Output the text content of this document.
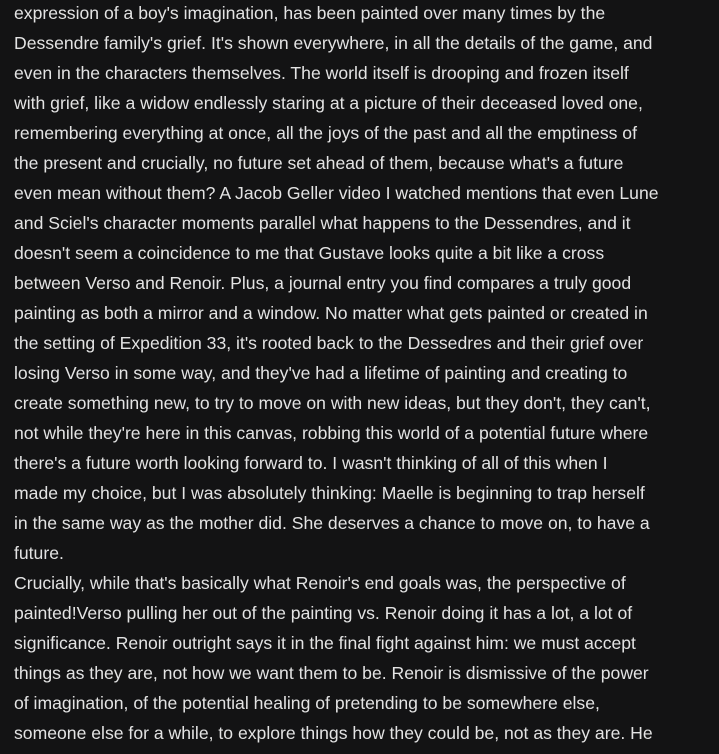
expression of a boy's imagination, has been painted over many times by the
Dessendre family's grief. It's shown everywhere, in all the details of the game, and
even in the characters themselves. The world itself is drooping and frozen itself
with grief, like a widow endlessly staring at a picture of their deceased loved one,
remembering everything at once, all the joys of the past and all the emptiness of
the present and crucially, no future set ahead of them, because what's a future
even mean without them? A Jacob Geller video I watched mentions that even Lune
and Sciel's character moments parallel what happens to the Dessendres, and it
doesn't seem a coincidence to me that Gustave looks quite a bit like a cross
between Verso and Renoir. Plus, a journal entry you find compares a truly good
painting as both a mirror and a window. No matter what gets painted or created in
the setting of Expedition 33, it's rooted back to the Dessedres and their grief over
losing Verso in some way, and they've had a lifetime of painting and creating to
create something new, to try to move on with new ideas, but they don't, they can't,
not while they're here in this canvas, robbing this world of a potential future where
there's a future worth looking forward to. I wasn't thinking of all of this when I
made my choice, but I was absolutely thinking: Maelle is beginning to trap herself
in the same way as the mother did. She deserves a chance to move on, to have a
future.

Crucially, while that's basically what Renoir's end goals was, the perspective of
painted!Verso pulling her out of the painting vs. Renoir doing it has a lot, a lot of
significance. Renoir outright says it in the final fight against him: we must accept
things as they are, not how we want them to be. Renoir is dismissive of the power
of imagination, of the potential healing of pretending to be somewhere else,
someone else for a while, to explore things how they could be, not as they are. He
